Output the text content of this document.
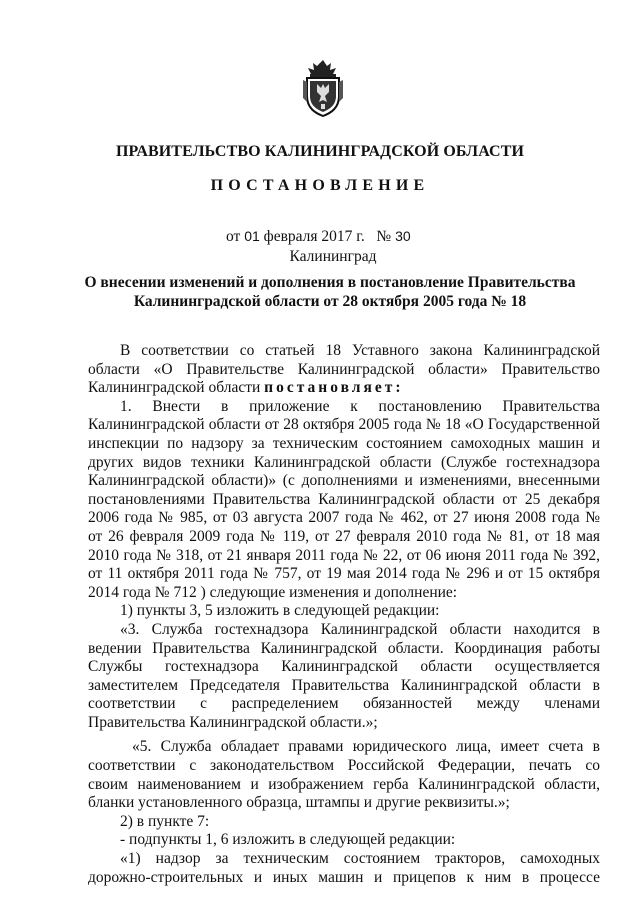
ПРАВИТЕЛЬСТВО КАЛИНИНГРАДСКОЙ ОБЛАСТИ
ПОСТАНОВЛЕНИЕ
от 01 февраля 2017 г. № 30
Калининград
О внесении изменений и дополнения в постановление Правительства
Калининградской области от 28 октября 2005 года № 18
В соответствии со статьей 18 Уставного закона Калининградской
области «О Правительстве Калининградской области» Правительство
Калининградской области постановляет:
1. Внести в приложение к постановлению Правительства
Калининградской области от 28 октября 2005 года № 18 «О Государственной
инспекции по надзору за техническим состоянием самоходных машин и
других видов техники Калининградской области (Службе гостехнадзора
Калининградской области)» (с дополнениями и изменениями, внесенными
постановлениями Правительства Калининградской области от 25 декабря
2006 года № 985, от 03 августа 2007 года № 462, от 27 июня 2008 года №
от 26 февраля 2009 года № 119, от 27 февраля 2010 года № 81, от 18 мая
2010 года № 318, от 21 января 2011 года № 22, от 06 июня 2011 года № 392,
от 11 октября 2011 года № 757, от 19 мая 2014 года № 296 и от 15 октября
2014 года № 712 ) следующие изменения и дополнение:
1) пункты 3, 5 изложить в следующей редакции:
«3. Служба гостехнадзора Калининградской области находится в
ведении Правительства Калининградской области. Координация работы
Службы гостехнадзора Калининградской области осуществляется
заместителем Председателя Правительства Калининградской области в
соответствии с распределением обязанностей между членами
Правительства Калининградской области.»;
«5. Служба обладает правами юридического лица, имеет счета в
соответствии с законодательством Российской Федерации, печать со
своим наименованием и изображением герба Калининградской области,
бланки установленного образца, штампы и другие реквизиты.»;
2) в пункте 7:
- подпункты 1, 6 изложить в следующей редакции:
«1) надзор за техническим состоянием тракторов, самоходных
дорожно-строительных и иных машин и прицепов к ним в процессе
